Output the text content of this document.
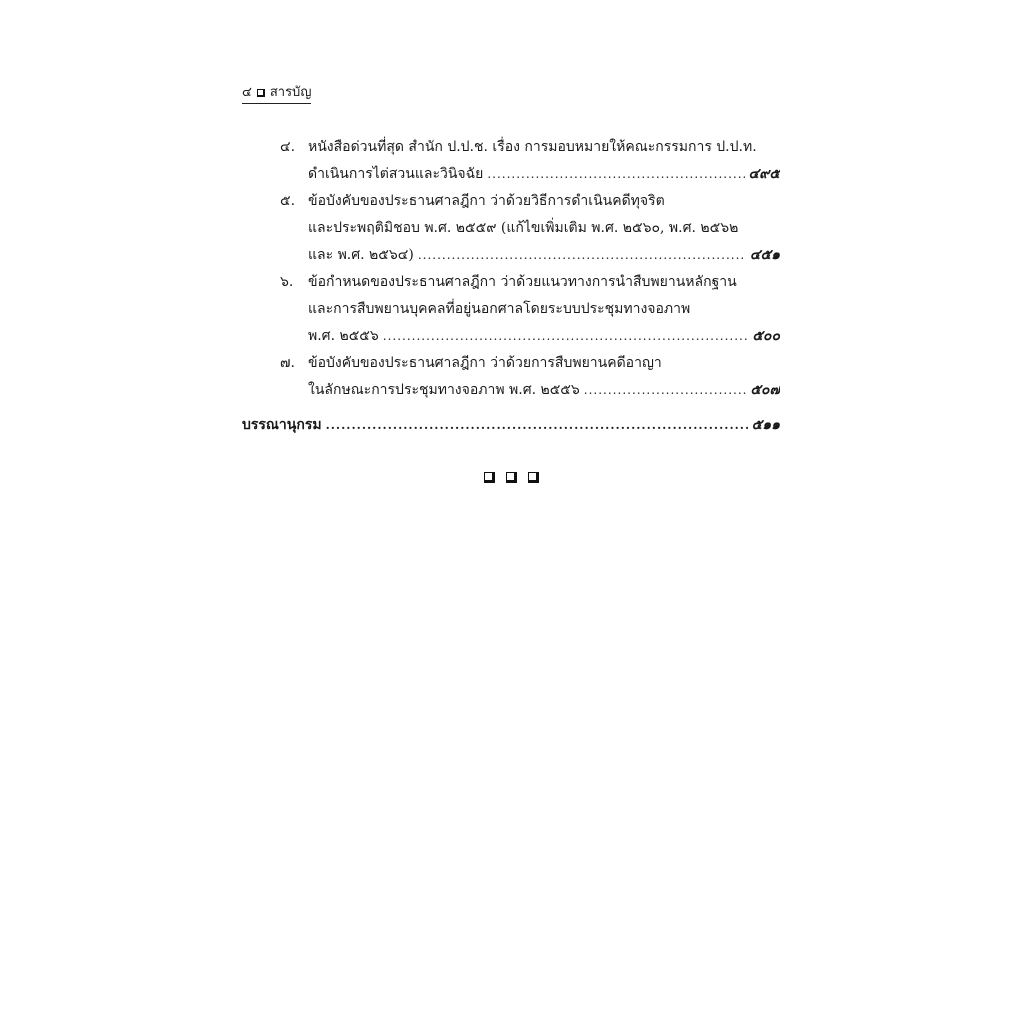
๔ สารบัญ
๔. หนังสือด่วนที่สุด สำนัก ป.ป.ช. เรื่อง การมอบหมายให้คณะกรรมการ ป.ป.ท.
ดำเนินการไต่สวนและวินิจฉัย .....	๔๙๕
๕. ข้อบังคับของประธานศาลฎีกา ว่าด้วยวิธีการดำเนินคดีทุจริต
และประพฤติมิชอบ พ.ศ. ๒๕๕๙ (แก้ไขเพิ่มเติม พ.ศ. ๒๕๖๐, พ.ศ. ๒๕๖๒
และ พ.ศ. ๒๕๖๔) .....	๔๕๑
๖.	ข้อกำหนดของประธานศาลฎีกา ว่าด้วยแนวทางการนำสืบพยานหลักฐาน
และการสืบพยานบุคคลที่อยู่นอกศาลโดยระบบประชุมทางจอภาพ
พ.ศ. ๒๕๕๖ .....	๕๐๐
๗. ข้อบังคับของประธานศาลฎีกา ว่าด้วยการสืบพยานคดีอาญา
ในลักษณะการประชุมทางจอภาพ พ.ศ. ๒๕๕๖ .....	๕๐๗
บรรณานุกรม .....	๕๑๑
